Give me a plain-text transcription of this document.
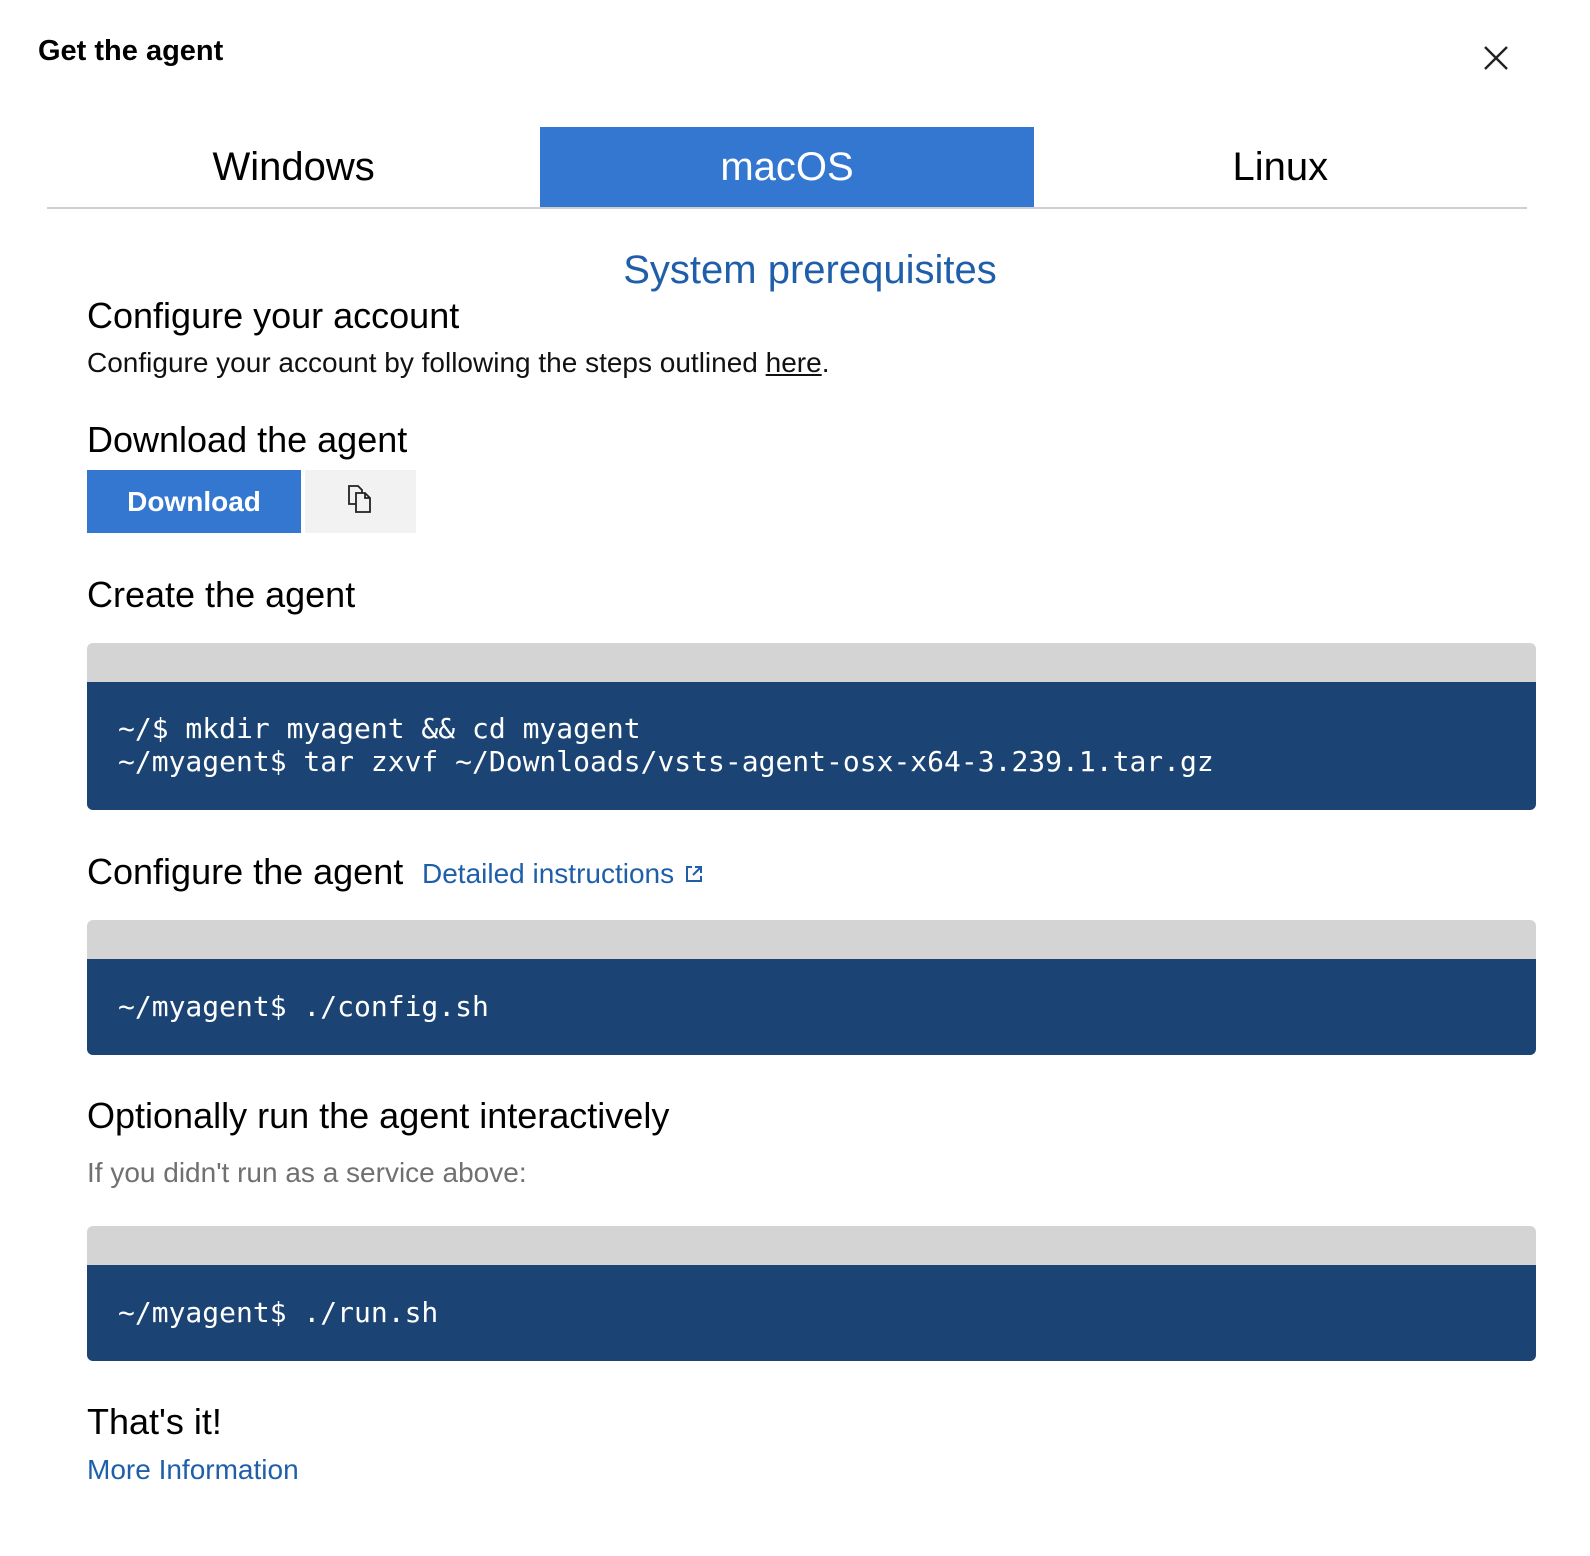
Get the agent
Windows	macOS	Linux
System prerequisites
Configure your account
Configure your account by following the steps outlined here.
Download the agent
Download
Create the agent
~/$ mkdir myagent && cd myagent
~/myagent$ tar zxvf ~/Downloads/vsts-agent-osx-x64-3.239.1.tar.gz
Configure the agent Detailed instructions
~/myagent$ ./config.sh
Optionally run the agent interactively
If you didn't run as a service above:
~/myagent$ ./run.sh
That's it!
More Information
